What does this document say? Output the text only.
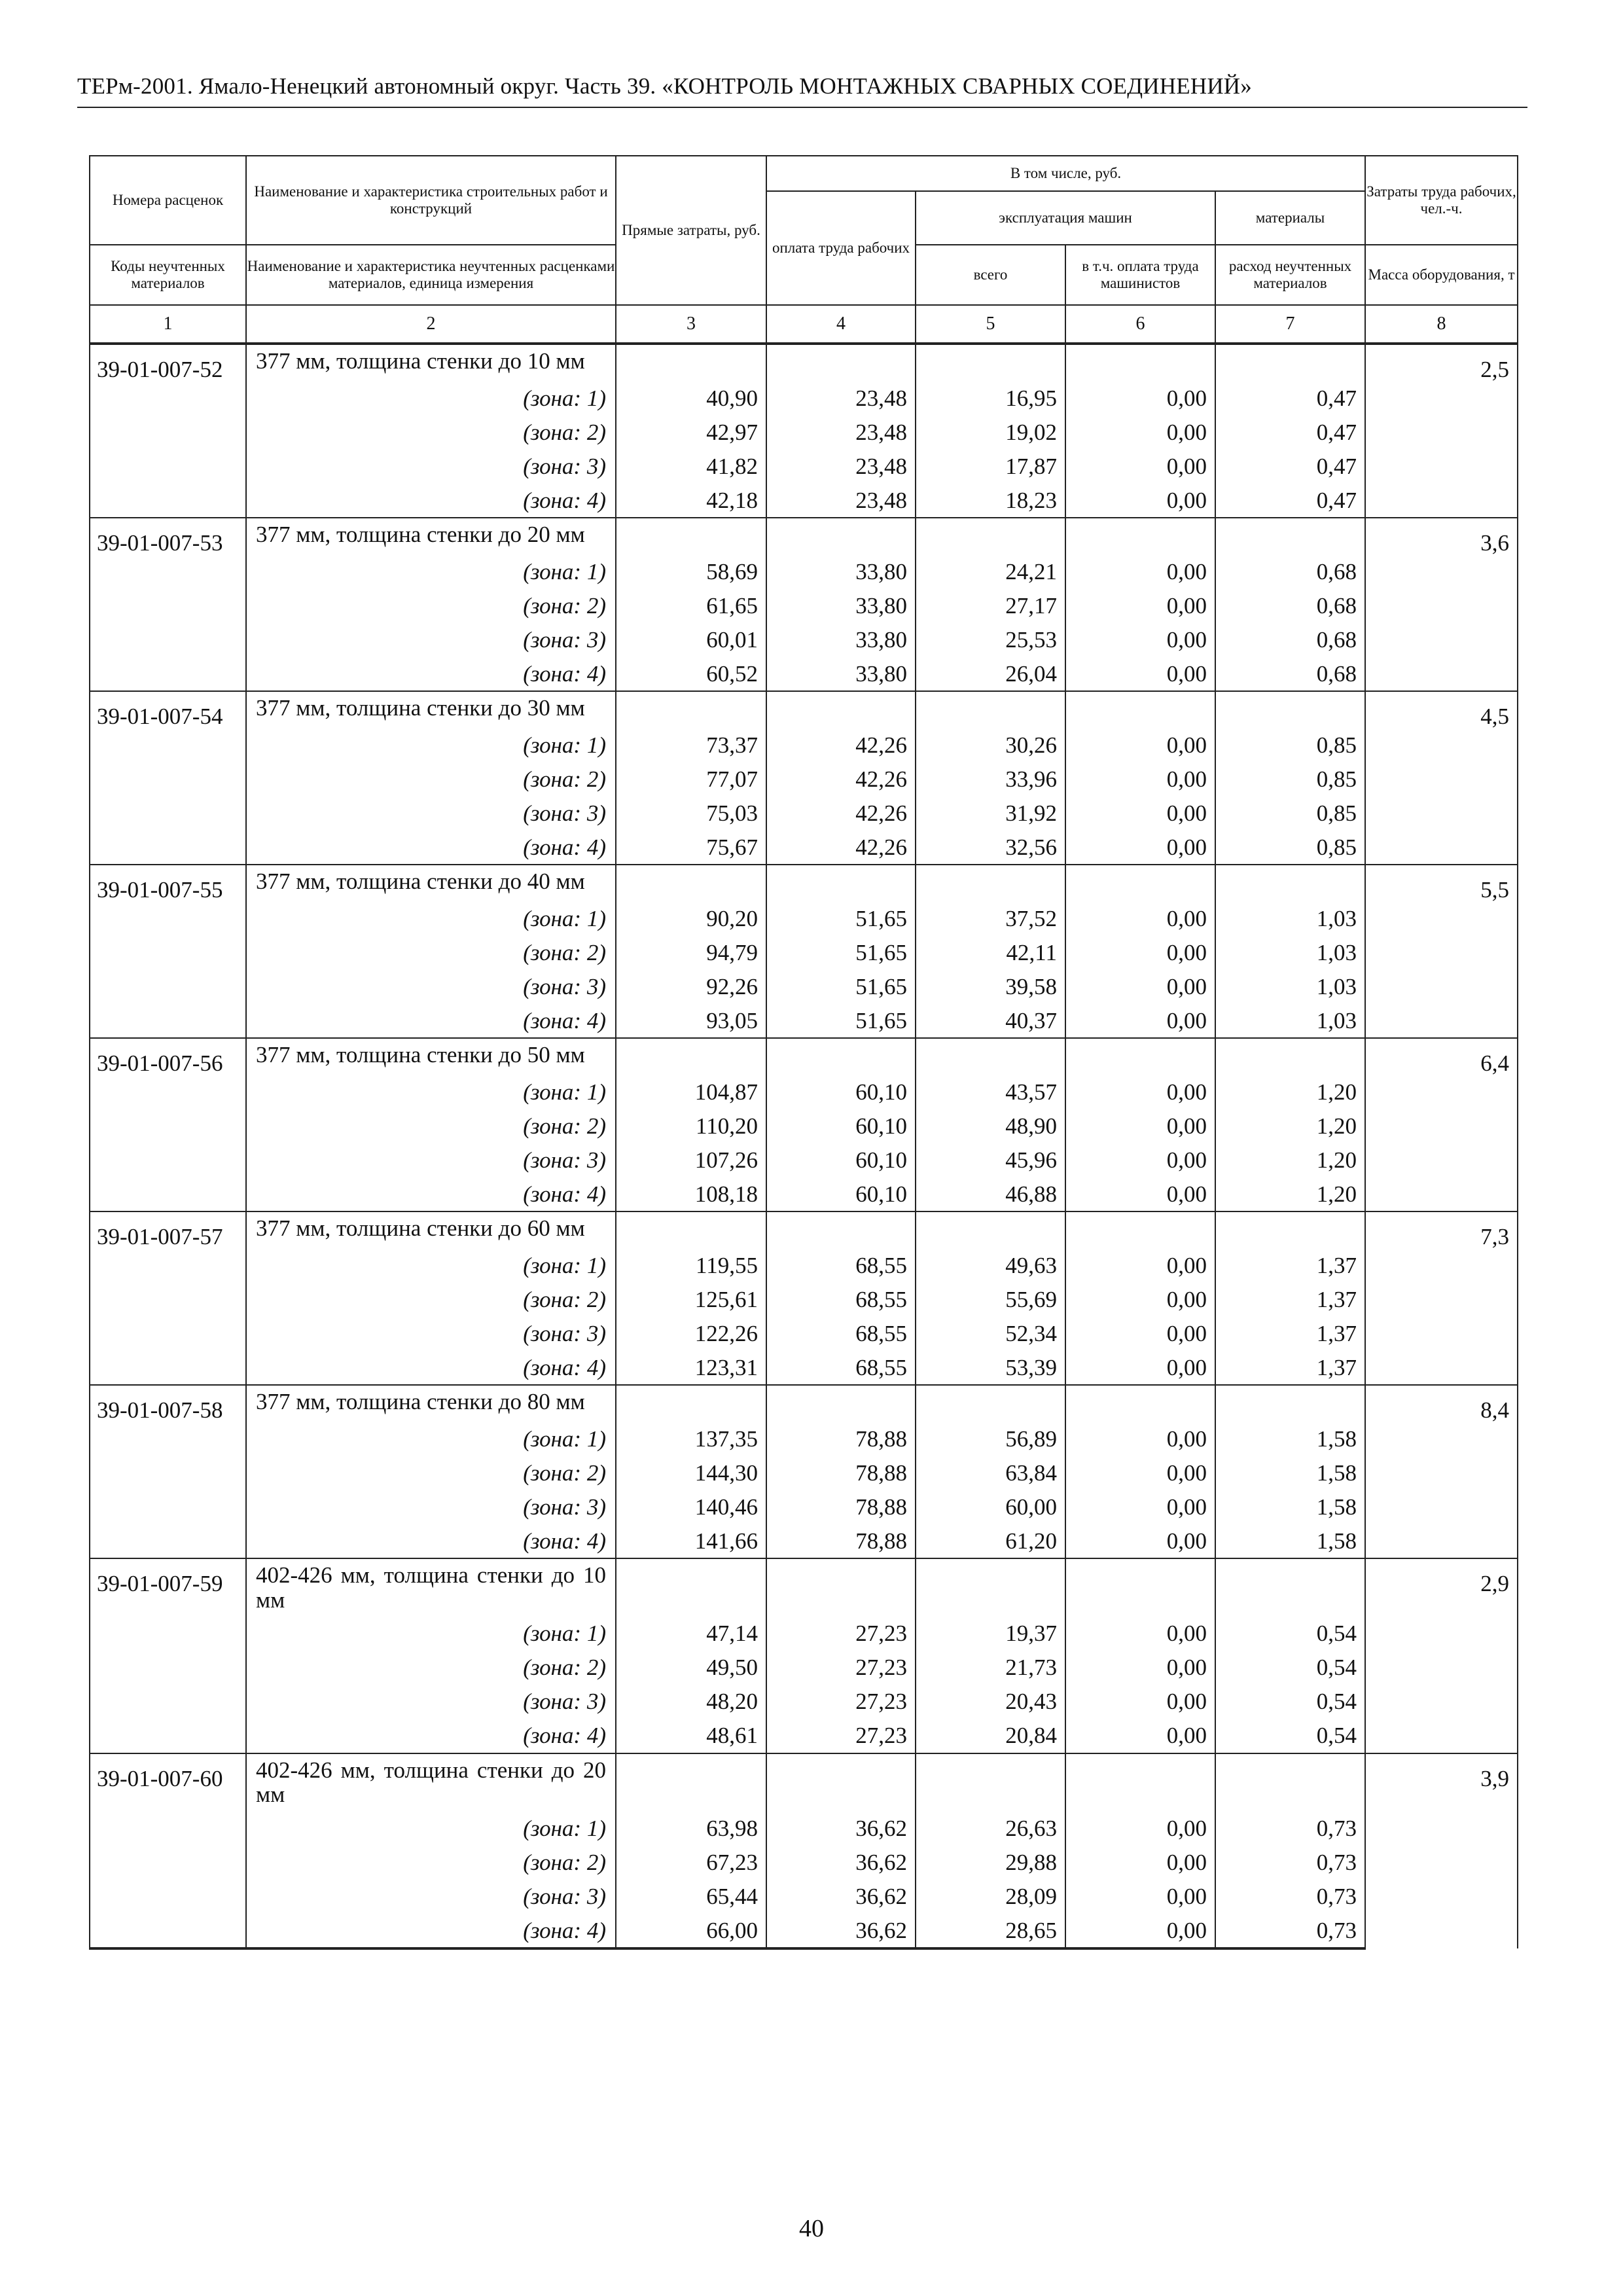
ТЕРм-2001. Ямало-Ненецкий автономный округ. Часть 39. «КОНТРОЛЬ МОНТАЖНЫХ СВАРНЫХ СОЕДИНЕНИЙ»
Номера расценок	Наименование и характеристика строительных работ и конструкций	Прямые затраты, руб.	В том числе, руб.				Затраты труда рабочих, чел.-ч.
			оплата труда рабочих	эксплуатация машин		материалы	
Коды неучтенных материалов	Наименование и характеристика неучтенных расценками материалов, единица измерения			всего	в т.ч. оплата труда машинистов	расход неучтенных материалов	Масса оборудования, т
1	2	3	4	5	6	7	8
39-01-007-52	377 мм, толщина стенки до 10 мм						2,5
	(зона: 1)	40,90	23,48	16,95	0,00	0,47	
	(зона: 2)	42,97	23,48	19,02	0,00	0,47	
	(зона: 3)	41,82	23,48	17,87	0,00	0,47	
	(зона: 4)	42,18	23,48	18,23	0,00	0,47	
39-01-007-53	377 мм, толщина стенки до 20 мм						3,6
	(зона: 1)	58,69	33,80	24,21	0,00	0,68	
	(зона: 2)	61,65	33,80	27,17	0,00	0,68	
	(зона: 3)	60,01	33,80	25,53	0,00	0,68	
	(зона: 4)	60,52	33,80	26,04	0,00	0,68	
39-01-007-54	377 мм, толщина стенки до 30 мм						4,5
	(зона: 1)	73,37	42,26	30,26	0,00	0,85	
	(зона: 2)	77,07	42,26	33,96	0,00	0,85	
	(зона: 3)	75,03	42,26	31,92	0,00	0,85	
	(зона: 4)	75,67	42,26	32,56	0,00	0,85	
39-01-007-55	377 мм, толщина стенки до 40 мм						5,5
	(зона: 1)	90,20	51,65	37,52	0,00	1,03	
	(зона: 2)	94,79	51,65	42,11	0,00	1,03	
	(зона: 3)	92,26	51,65	39,58	0,00	1,03	
	(зона: 4)	93,05	51,65	40,37	0,00	1,03	
39-01-007-56	377 мм, толщина стенки до 50 мм						6,4
	(зона: 1)	104,87	60,10	43,57	0,00	1,20	
	(зона: 2)	110,20	60,10	48,90	0,00	1,20	
	(зона: 3)	107,26	60,10	45,96	0,00	1,20	
	(зона: 4)	108,18	60,10	46,88	0,00	1,20	
39-01-007-57	377 мм, толщина стенки до 60 мм						7,3
	(зона: 1)	119,55	68,55	49,63	0,00	1,37	
	(зона: 2)	125,61	68,55	55,69	0,00	1,37	
	(зона: 3)	122,26	68,55	52,34	0,00	1,37	
	(зона: 4)	123,31	68,55	53,39	0,00	1,37	
39-01-007-58	377 мм, толщина стенки до 80 мм						8,4
	(зона: 1)	137,35	78,88	56,89	0,00	1,58	
	(зона: 2)	144,30	78,88	63,84	0,00	1,58	
	(зона: 3)	140,46	78,88	60,00	0,00	1,58	
	(зона: 4)	141,66	78,88	61,20	0,00	1,58	
39-01-007-59	402-426 мм, толщина стенки до 10 мм						2,9
	(зона: 1)	47,14	27,23	19,37	0,00	0,54	
	(зона: 2)	49,50	27,23	21,73	0,00	0,54	
	(зона: 3)	48,20	27,23	20,43	0,00	0,54	
	(зона: 4)	48,61	27,23	20,84	0,00	0,54	
39-01-007-60	402-426 мм, толщина стенки до 20 мм						3,9
	(зона: 1)	63,98	36,62	26,63	0,00	0,73	
	(зона: 2)	67,23	36,62	29,88	0,00	0,73	
	(зона: 3)	65,44	36,62	28,09	0,00	0,73	
	(зона: 4)	66,00	36,62	28,65	0,00	0,73	
40
